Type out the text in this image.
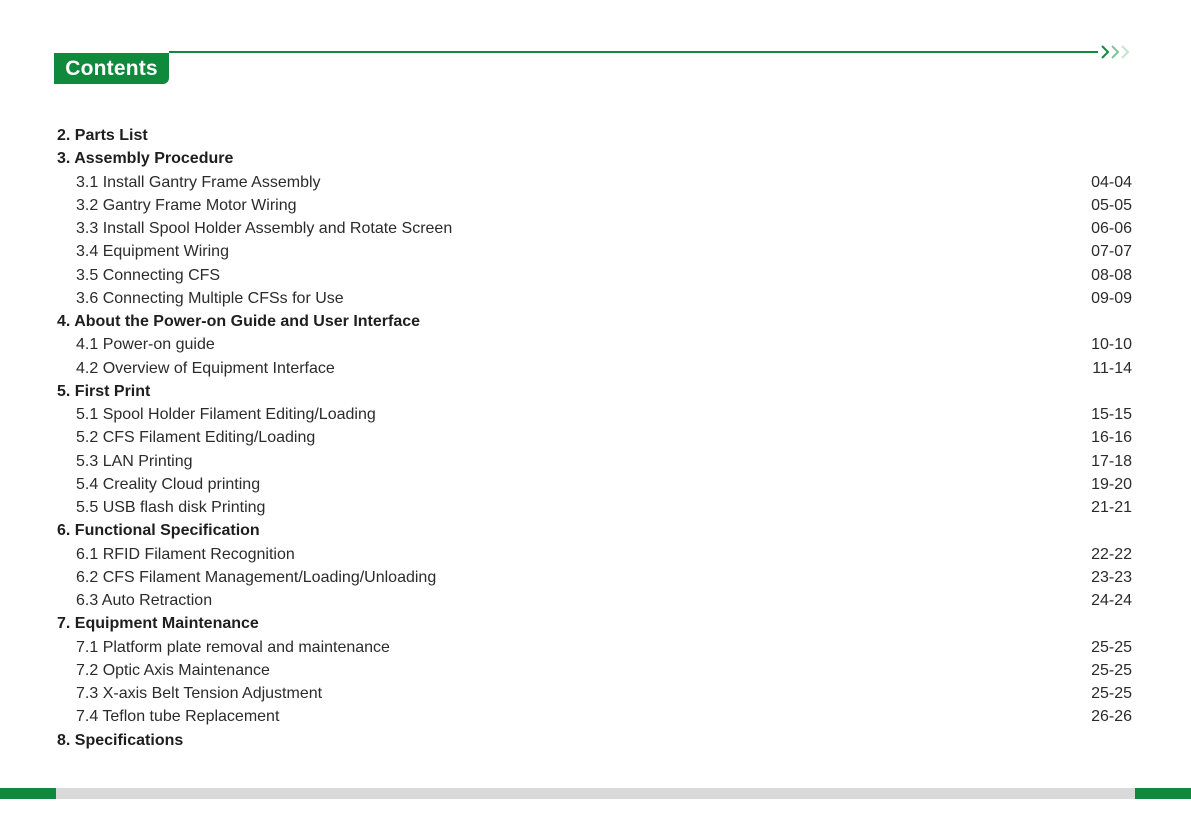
Contents
2. Parts List
3. Assembly Procedure
3.1 Install Gantry Frame Assembly	04-04
3.2 Gantry Frame Motor Wiring	05-05
3.3 Install Spool Holder Assembly and Rotate Screen	06-06
3.4 Equipment Wiring	07-07
3.5 Connecting CFS	08-08
3.6 Connecting Multiple CFSs for Use	09-09
4. About the Power-on Guide and User Interface
4.1 Power-on guide	10-10
4.2 Overview of Equipment Interface	11-14
5. First Print
5.1 Spool Holder Filament Editing/Loading	15-15
5.2 CFS Filament Editing/Loading	16-16
5.3 LAN Printing	17-18
5.4 Creality Cloud printing	19-20
5.5 USB flash disk Printing	21-21
6. Functional Specification
6.1 RFID Filament Recognition	22-22
6.2 CFS Filament Management/Loading/Unloading	23-23
6.3 Auto Retraction	24-24
7. Equipment Maintenance
7.1 Platform plate removal and maintenance	25-25
7.2 Optic Axis Maintenance	25-25
7.3 X-axis Belt Tension Adjustment	25-25
7.4 Teflon tube Replacement	26-26
8. Specifications
